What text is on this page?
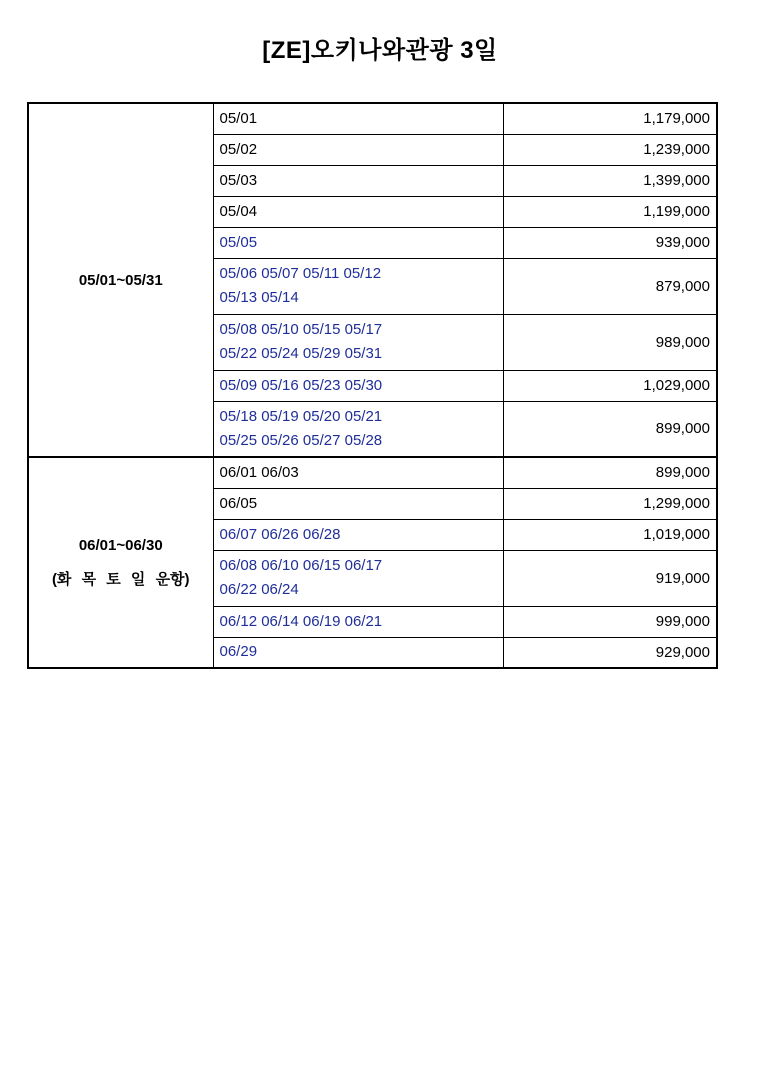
[ZE]오키나와관광 3일
05/01~05/31	05/01	1,179,000

	05/02	1,239,000

	05/03	1,399,000

	05/04	1,199,000

	05/05	939,000

	05/06 05/07 05/11 05/12
05/13 05/14	879,000

	05/08 05/10 05/15 05/17
05/22 05/24 05/29 05/31	989,000

	05/09 05/16 05/23 05/30	1,029,000

	05/18 05/19 05/20 05/21
05/25 05/26 05/27 05/28	899,000
06/01~06/30
(화 목 토 일 운항)	06/01 06/03	899,000

	06/05	1,299,000

	06/07 06/26 06/28	1,019,000

	06/08 06/10 06/15 06/17
06/22 06/24	919,000

	06/12 06/14 06/19 06/21	999,000

	06/29	929,000
